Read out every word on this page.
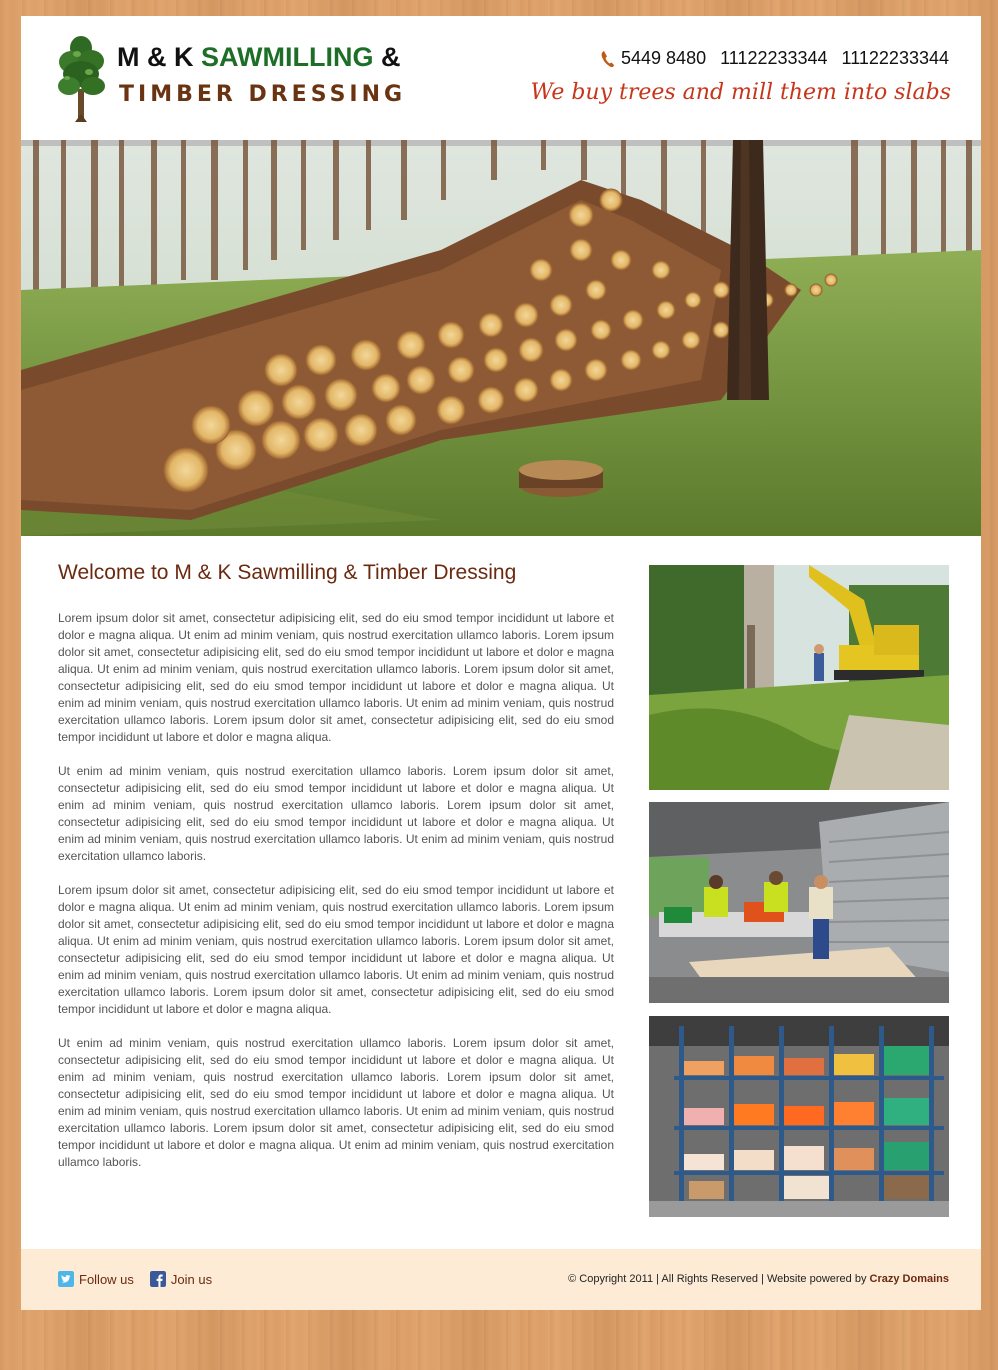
M & K SAWMILLING &
TIMBER DRESSING
5449 8480 11122233344 11122233344
We buy trees and mill them into slabs
Welcome to M & K Sawmilling & Timber Dressing

Lorem ipsum dolor sit amet, consectetur adipisicing elit, sed do eiu smod tempor incididunt ut labore et dolor e magna aliqua. Ut enim ad minim veniam, quis nostrud exercitation ullamco laboris. Lorem ipsum dolor sit amet, consectetur adipisicing elit, sed do eiu smod tempor incididunt ut labore et dolor e magna aliqua. Ut enim ad minim veniam, quis nostrud exercitation ullamco laboris. Lorem ipsum dolor sit amet, consectetur adipisicing elit, sed do eiu smod tempor incididunt ut labore et dolor e magna aliqua. Ut enim ad minim veniam, quis nostrud exercitation ullamco laboris. Ut enim ad minim veniam, quis nostrud exercitation ullamco laboris. Lorem ipsum dolor sit amet, consectetur adipisicing elit, sed do eiu smod tempor incididunt ut labore et dolor e magna aliqua.

Ut enim ad minim veniam, quis nostrud exercitation ullamco laboris. Lorem ipsum dolor sit amet, consectetur adipisicing elit, sed do eiu smod tempor incididunt ut labore et dolor e magna aliqua. Ut enim ad minim veniam, quis nostrud exercitation ullamco laboris. Lorem ipsum dolor sit amet, consectetur adipisicing elit, sed do eiu smod tempor incididunt ut labore et dolor e magna aliqua. Ut enim ad minim veniam, quis nostrud exercitation ullamco laboris. Ut enim ad minim veniam, quis nostrud exercitation ullamco laboris.

Lorem ipsum dolor sit amet, consectetur adipisicing elit, sed do eiu smod tempor incididunt ut labore et dolor e magna aliqua. Ut enim ad minim veniam, quis nostrud exercitation ullamco laboris. Lorem ipsum dolor sit amet, consectetur adipisicing elit, sed do eiu smod tempor incididunt ut labore et dolor e magna aliqua. Ut enim ad minim veniam, quis nostrud exercitation ullamco laboris. Lorem ipsum dolor sit amet, consectetur adipisicing elit, sed do eiu smod tempor incididunt ut labore et dolor e magna aliqua. Ut enim ad minim veniam, quis nostrud exercitation ullamco laboris. Ut enim ad minim veniam, quis nostrud exercitation ullamco laboris. Lorem ipsum dolor sit amet, consectetur adipisicing elit, sed do eiu smod tempor incididunt ut labore et dolor e magna aliqua.

Ut enim ad minim veniam, quis nostrud exercitation ullamco laboris. Lorem ipsum dolor sit amet, consectetur adipisicing elit, sed do eiu smod tempor incididunt ut labore et dolor e magna aliqua. Ut enim ad minim veniam, quis nostrud exercitation ullamco laboris. Lorem ipsum dolor sit amet, consectetur adipisicing elit, sed do eiu smod tempor incididunt ut labore et dolor e magna aliqua. Ut enim ad minim veniam, quis nostrud exercitation ullamco laboris. Ut enim ad minim veniam, quis nostrud exercitation ullamco laboris. Lorem ipsum dolor sit amet, consectetur adipisicing elit, sed do eiu smod tempor incididunt ut labore et dolor e magna aliqua. Ut enim ad minim veniam, quis nostrud exercitation ullamco laboris.

Follow us	Join us	© Copyright 2011 | All Rights Reserved | Website powered by Crazy Domains
